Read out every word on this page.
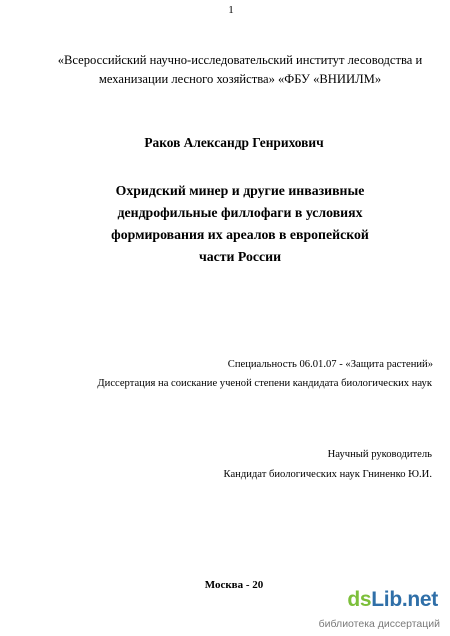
1
«Всероссийский научно-исследовательский институт лесоводства и
механизации лесного хозяйства» «ФБУ «ВНИИЛМ»
Раков Александр Генрихович
Охридский минер и другие инвазивные
дендрофильные филлофаги в условиях
формирования их ареалов в европейской
части России
Специальность 06.01.07 - «Защита растений»
Диссертация на соискание ученой степени кандидата биологических наук
Научный руководитель
Кандидат биологических наук Гниненко Ю.И.
Москва - 20
dsLib.net
библиотека диссертаций
